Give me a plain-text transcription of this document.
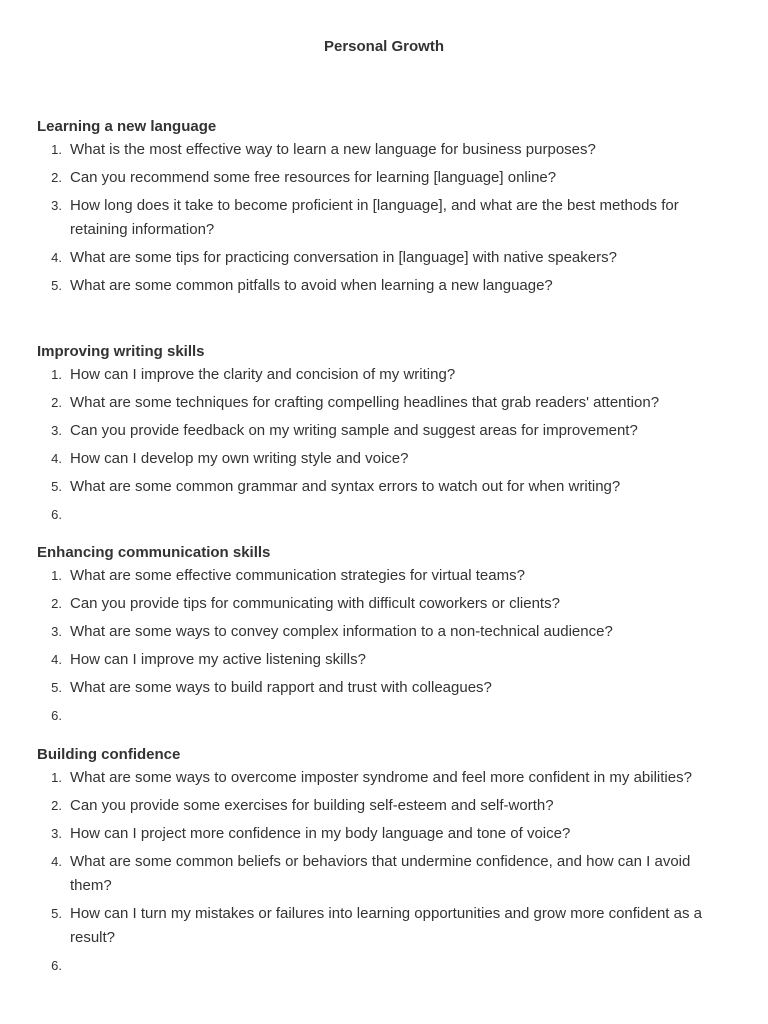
Personal Growth
Learning a new language
1. What is the most effective way to learn a new language for business purposes?
2. Can you recommend some free resources for learning [language] online?
3. How long does it take to become proficient in [language], and what are the best methods for retaining information?
4. What are some tips for practicing conversation in [language] with native speakers?
5. What are some common pitfalls to avoid when learning a new language?
Improving writing skills
1. How can I improve the clarity and concision of my writing?
2. What are some techniques for crafting compelling headlines that grab readers' attention?
3. Can you provide feedback on my writing sample and suggest areas for improvement?
4. How can I develop my own writing style and voice?
5. What are some common grammar and syntax errors to watch out for when writing?
6.
Enhancing communication skills
1. What are some effective communication strategies for virtual teams?
2. Can you provide tips for communicating with difficult coworkers or clients?
3. What are some ways to convey complex information to a non-technical audience?
4. How can I improve my active listening skills?
5. What are some ways to build rapport and trust with colleagues?
6.
Building confidence
1. What are some ways to overcome imposter syndrome and feel more confident in my abilities?
2. Can you provide some exercises for building self-esteem and self-worth?
3. How can I project more confidence in my body language and tone of voice?
4. What are some common beliefs or behaviors that undermine confidence, and how can I avoid them?
5. How can I turn my mistakes or failures into learning opportunities and grow more confident as a result?
6.
